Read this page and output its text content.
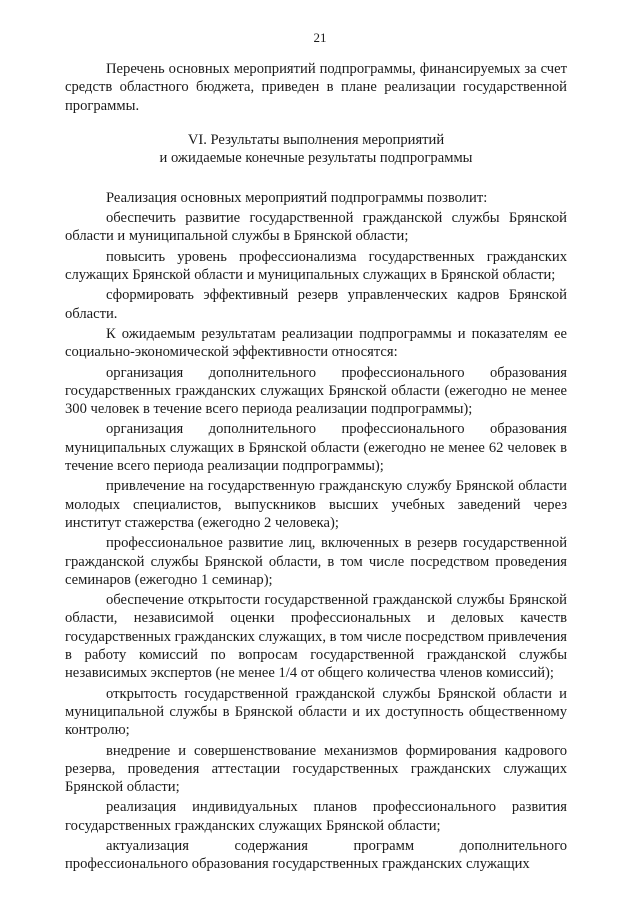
21

Перечень основных мероприятий подпрограммы, финансируемых за счет средств областного бюджета, приведен в плане реализации государственной программы.

VI. Результаты выполнения мероприятий
и ожидаемые конечные результаты подпрограммы

Реализация основных мероприятий подпрограммы позволит:

обеспечить развитие государственной гражданской службы Брянской области и муниципальной службы в Брянской области;

повысить уровень профессионализма государственных гражданских служащих Брянской области и муниципальных служащих в Брянской области;

сформировать эффективный резерв управленческих кадров Брянской области.

К ожидаемым результатам реализации подпрограммы и показателям ее социально-экономической эффективности относятся:

организация дополнительного профессионального образования государственных гражданских служащих Брянской области (ежегодно не менее 300 человек в течение всего периода реализации подпрограммы);

организация дополнительного профессионального образования муниципальных служащих в Брянской области (ежегодно не менее 62 человек в течение всего периода реализации подпрограммы);

привлечение на государственную гражданскую службу Брянской области молодых специалистов, выпускников высших учебных заведений через институт стажерства (ежегодно 2 человека);

профессиональное развитие лиц, включенных в резерв государственной гражданской службы Брянской области, в том числе посредством проведения семинаров (ежегодно 1 семинар);

обеспечение открытости государственной гражданской службы Брянской области, независимой оценки профессиональных и деловых качеств государственных гражданских служащих, в том числе посредством привлечения в работу комиссий по вопросам государственной гражданской службы независимых экспертов (не менее 1/4 от общего количества членов комиссий);

открытость государственной гражданской службы Брянской области и муниципальной службы в Брянской области и их доступность общественному контролю;

внедрение и совершенствование механизмов формирования кадрового резерва, проведения аттестации государственных гражданских служащих Брянской области;

реализация индивидуальных планов профессионального развития государственных гражданских служащих Брянской области;

актуализация содержания программ дополнительного профессионального образования государственных гражданских служащих
